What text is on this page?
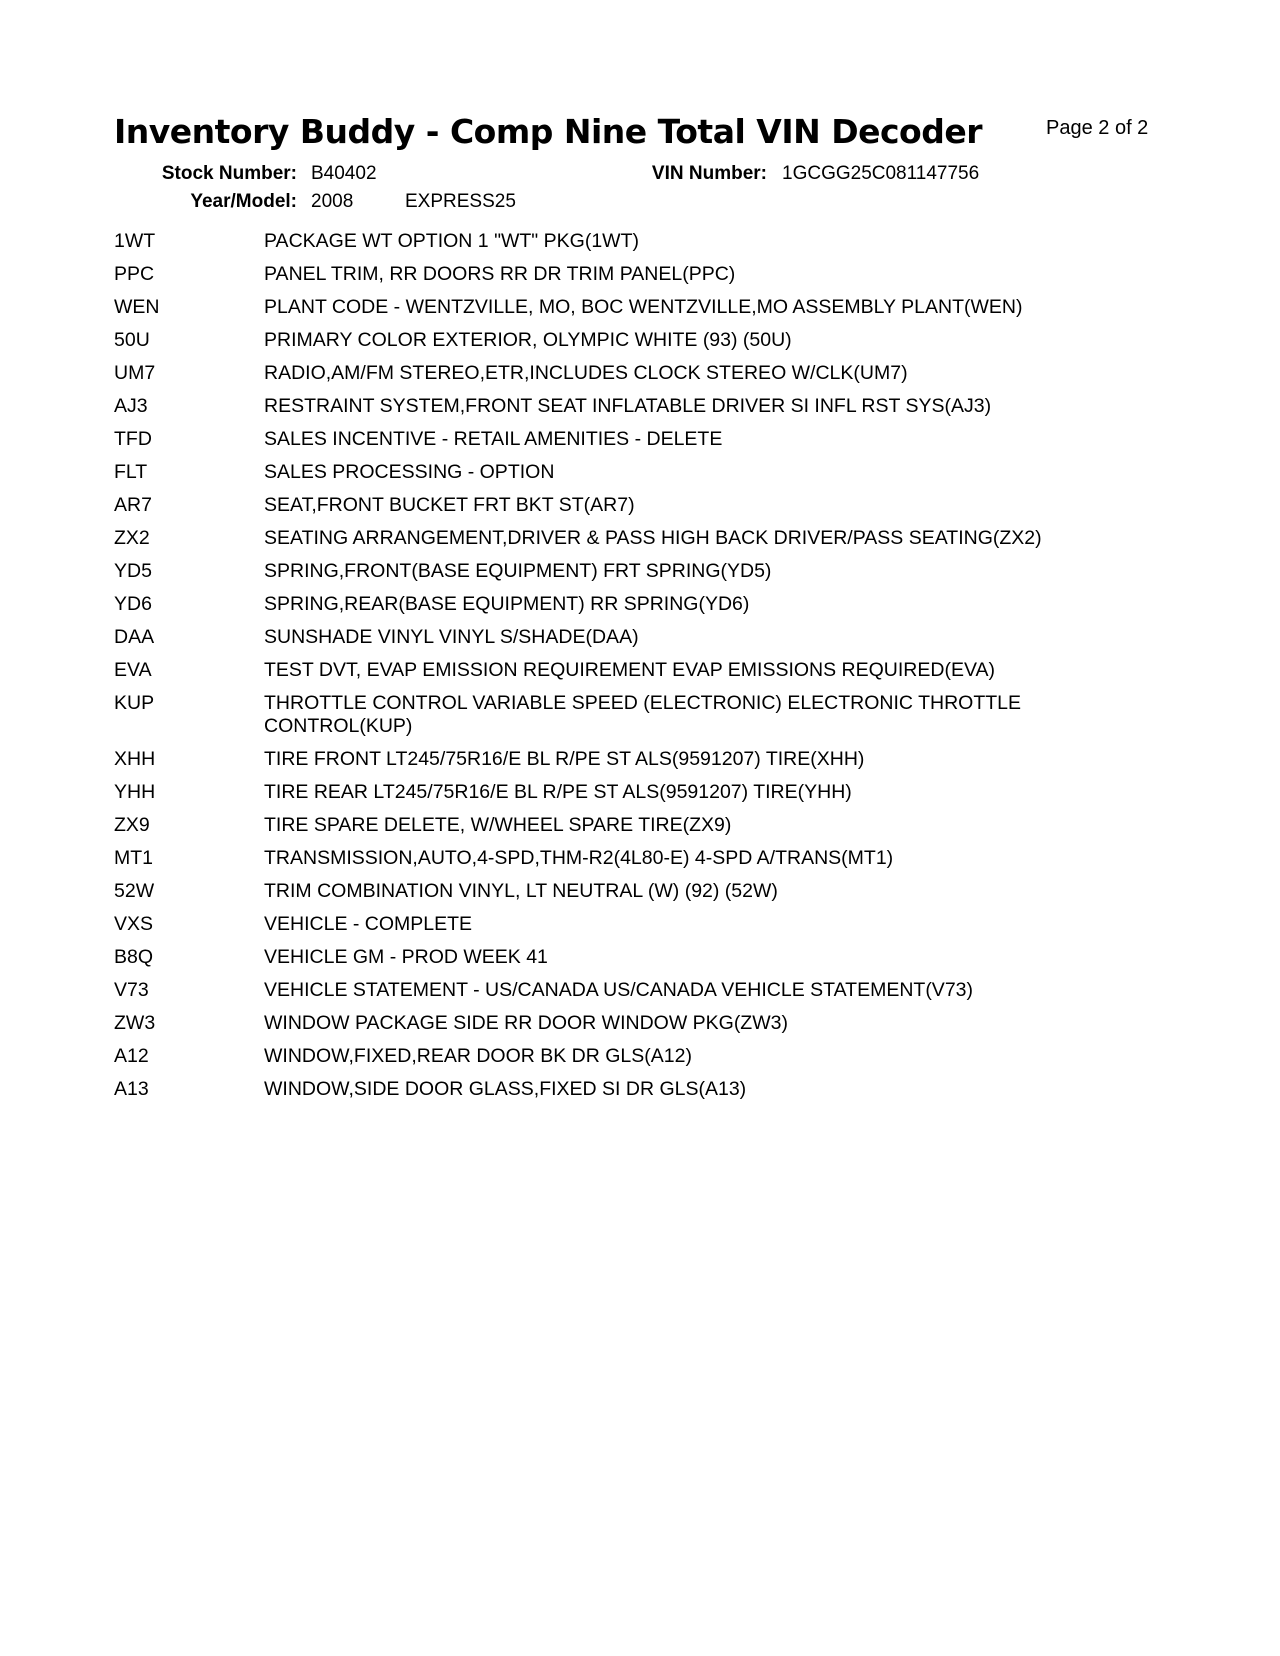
Inventory Buddy - Comp Nine Total VIN Decoder	Page 2 of 2
Stock Number: B40402	VIN Number: 1GCGG25C081147756
Year/Model: 2008	EXPRESS25
1WT	PACKAGE WT OPTION 1 "WT" PKG(1WT)
PPC	PANEL TRIM, RR DOORS RR DR TRIM PANEL(PPC)
WEN	PLANT CODE - WENTZVILLE, MO, BOC WENTZVILLE,MO ASSEMBLY PLANT(WEN)
50U	PRIMARY COLOR EXTERIOR, OLYMPIC WHITE (93) (50U)
UM7	RADIO,AM/FM STEREO,ETR,INCLUDES CLOCK STEREO W/CLK(UM7)
AJ3	RESTRAINT SYSTEM,FRONT SEAT INFLATABLE DRIVER SI INFL RST SYS(AJ3)
TFD	SALES INCENTIVE - RETAIL AMENITIES - DELETE
FLT	SALES PROCESSING - OPTION
AR7	SEAT,FRONT BUCKET FRT BKT ST(AR7)
ZX2	SEATING ARRANGEMENT,DRIVER & PASS HIGH BACK DRIVER/PASS SEATING(ZX2)
YD5	SPRING,FRONT(BASE EQUIPMENT) FRT SPRING(YD5)
YD6	SPRING,REAR(BASE EQUIPMENT) RR SPRING(YD6)
DAA	SUNSHADE VINYL VINYL S/SHADE(DAA)
EVA	TEST DVT, EVAP EMISSION REQUIREMENT EVAP EMISSIONS REQUIRED(EVA)
KUP	THROTTLE CONTROL VARIABLE SPEED (ELECTRONIC) ELECTRONIC THROTTLE CONTROL(KUP)
XHH	TIRE FRONT LT245/75R16/E BL R/PE ST ALS(9591207) TIRE(XHH)
YHH	TIRE REAR LT245/75R16/E BL R/PE ST ALS(9591207) TIRE(YHH)
ZX9	TIRE SPARE DELETE, W/WHEEL SPARE TIRE(ZX9)
MT1	TRANSMISSION,AUTO,4-SPD,THM-R2(4L80-E) 4-SPD A/TRANS(MT1)
52W	TRIM COMBINATION VINYL, LT NEUTRAL (W) (92) (52W)
VXS	VEHICLE - COMPLETE
B8Q	VEHICLE GM - PROD WEEK 41
V73	VEHICLE STATEMENT - US/CANADA US/CANADA VEHICLE STATEMENT(V73)
ZW3	WINDOW PACKAGE SIDE RR DOOR WINDOW PKG(ZW3)
A12	WINDOW,FIXED,REAR DOOR BK DR GLS(A12)
A13	WINDOW,SIDE DOOR GLASS,FIXED SI DR GLS(A13)
